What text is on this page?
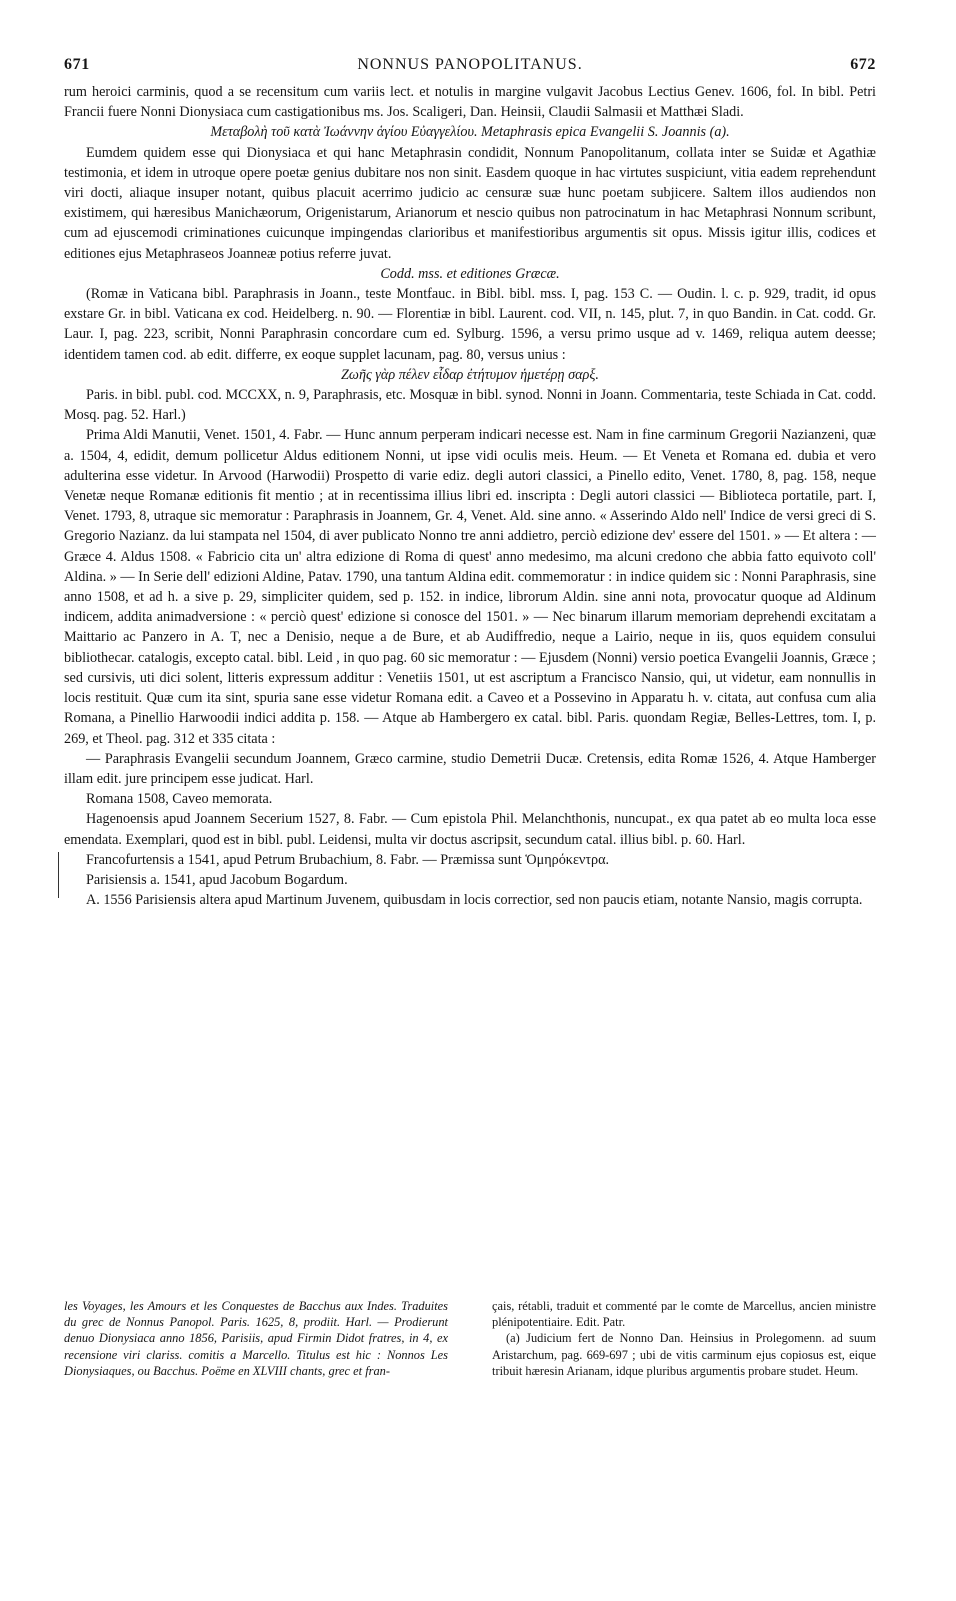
671	NONNUS PANOPOLITANUS.	672

rum heroici carminis, quod a se recensitum cum variis lect. et notulis in margine vulgavit Jacobus Lectius Genev. 1606, fol. In bibl. Petri Francii fuere Nonni Dionysiaca cum castigationibus ms. Jos. Scaligeri, Dan. Heinsii, Claudii Salmasii et Matthæi Sladi.

Μεταβολὴ τοῦ κατὰ Ἰωάννην ἁγίου Εὐαγγελίου. Metaphrasis epica Evangelii S. Joannis (a).

Eumdem quidem esse qui Dionysiaca et qui hanc Metaphrasin condidit, Nonnum Panopolitanum, collata inter se Suidæ et Agathiæ testimonia, et idem in utroque opere poetæ genius dubitare nos non sinit. Easdem quoque in hac virtutes suspiciunt, vitia eadem reprehendunt viri docti, aliaque insuper notant, quibus placuit acerrimo judicio ac censuræ suæ hunc poetam subjicere. Saltem illos audiendos non existimem, qui hæresibus Manichæorum, Origenistarum, Arianorum et nescio quibus non patrocinatum in hac Metaphrasi Nonnum scribunt, cum ad ejuscemodi criminationes cuicunque impingendas clarioribus et manifestioribus argumentis sit opus. Missis igitur illis, codices et editiones ejus Metaphraseos Joanneæ potius referre juvat.

Codd. mss. et editiones Græcæ.

(Romæ in Vaticana bibl. Paraphrasis in Joann., teste Montfauc. in Bibl. bibl. mss. I, pag. 153 C. — Oudin. l. c. p. 929, tradit, id opus exstare Gr. in bibl. Vaticana ex cod. Heidelberg. n. 90. — Florentiæ in bibl. Laurent. cod. VII, n. 145, plut. 7, in quo Bandin. in Cat. codd. Gr. Laur. I, pag. 223, scribit, Nonni Paraphrasin concordare cum ed. Sylburg. 1596, a versu primo usque ad v. 1469, reliqua autem deesse; identidem tamen cod. ab edit. differre, ex eoque supplet lacunam, pag. 80, versus unius :

Ζωῆς γὰρ πέλεν εἶδαρ ἐτήτυμον ἡμετέρῃ σαρξ.

Paris. in bibl. publ. cod. MCCXX, n. 9, Paraphrasis, etc. Mosquæ in bibl. synod. Nonni in Joann. Commentaria, teste Schiada in Cat. codd. Mosq. pag. 52. Harl.)

Prima Aldi Manutii, Venet. 1501, 4. Fabr. — Hunc annum perperam indicari necesse est. Nam in fine carminum Gregorii Nazianzeni, quæ a. 1504, 4, edidit, demum pollicetur Aldus editionem Nonni, ut ipse vidi oculis meis. Heum. — Et Veneta et Romana ed. dubia et vero adulterina esse videtur. In Arvood (Harwodii) Prospetto di varie ediz. degli autori classici, a Pinello edito, Venet. 1780, 8, pag. 158, neque Venetæ neque Romanæ editionis fit mentio ; at in recentissima illius libri ed. inscripta : Degli autori classici — Biblioteca portatile, part. I, Venet. 1793, 8, utraque sic memoratur : Paraphrasis in Joannem, Gr. 4, Venet. Ald. sine anno. « Asserindo Aldo nell' Indice de versi greci di S. Gregorio Nazianz. da lui stampata nel 1504, di aver publicato Nonno tre anni addietro, perciò edizione dev' essere del 1501. » — Et altera : — Græce 4. Aldus 1508. « Fabricio cita un' altra edizione di Roma di quest' anno medesimo, ma alcuni credono che abbia fatto equivoto coll' Aldina. » — In Serie dell' edizioni Aldine, Patav. 1790, una tantum Aldina edit. commemoratur : in indice quidem sic : Nonni Paraphrasis, sine anno 1508, et ad h. a sive p. 29, simpliciter quidem, sed p. 152. in indice, librorum Aldin. sine anni nota, provocatur quoque ad Aldinum indicem, addita animadversione : « perciò quest' edizione si conosce del 1501. » — Nec binarum illarum memoriam deprehendi excitatam a Maittario ac Panzero in A. T, nec a Denisio, neque a de Bure, et ab Audiffredio, neque a Lairio, neque in iis, quos equidem consului bibliothecar. catalogis, excepto catal. bibl. Leid , in quo pag. 60 sic memoratur : — Ejusdem (Nonni) versio poetica Evangelii Joannis, Græce ; sed cursivis, uti dici solent, litteris expressum additur : Venetiis 1501, ut est ascriptum a Francisco Nansio, qui, ut videtur, eam nonnullis in locis restituit. Quæ cum ita sint, spuria sane esse videtur Romana edit. a Caveo et a Possevino in Apparatu h. v. citata, aut confusa cum alia Romana, a Pinellio Harwoodii indici addita p. 158. — Atque ab Hambergero ex catal. bibl. Paris. quondam Regiæ, Belles-Lettres, tom. I, p. 269, et Theol. pag. 312 et 335 citata :

— Paraphrasis Evangelii secundum Joannem, Græco carmine, studio Demetrii Ducæ. Cretensis, edita Romæ 1526, 4. Atque Hamberger illam edit. jure principem esse judicat. Harl.

Romana 1508, Caveo memorata.

Hagenoensis apud Joannem Secerium 1527, 8. Fabr. — Cum epistola Phil. Melanchthonis, nuncupat., ex qua patet ab eo multa loca esse emendata. Exemplari, quod est in bibl. publ. Leidensi, multa vir doctus ascripsit, secundum catal. illius bibl. p. 60. Harl.

Francofurtensis a 1541, apud Petrum Brubachium, 8. Fabr. — Præmissa sunt Ὁμηρόκεντρα.

Parisiensis a. 1541, apud Jacobum Bogardum.

A. 1556 Parisiensis altera apud Martinum Juvenem, quibusdam in locis correctior, sed non paucis etiam, notante Nansio, magis corrupta.

les Voyages, les Amours et les Conquestes de Bacchus aux Indes. Traduites du grec de Nonnus Panopol. Paris. 1625, 8, prodiit. Harl. — Prodierunt denuo Dionysiaca anno 1856, Parisiis, apud Firmin Didot fratres, in 4, ex recensione viri clariss. comitis a Marcello. Titulus est hic : Nonnos Les Dionysiaques, ou Bacchus. Poëme en XLVIII chants, grec et fran-

çais, rétabli, traduit et commenté par le comte de Marcellus, ancien ministre plénipotentiaire. Edit. Patr.

(a) Judicium fert de Nonno Dan. Heinsius in Prolegomenn. ad suum Aristarchum, pag. 669-697 ; ubi de vitis carminum ejus copiosus est, eique tribuit hæresin Arianam, idque pluribus argumentis probare studet. Heum.
